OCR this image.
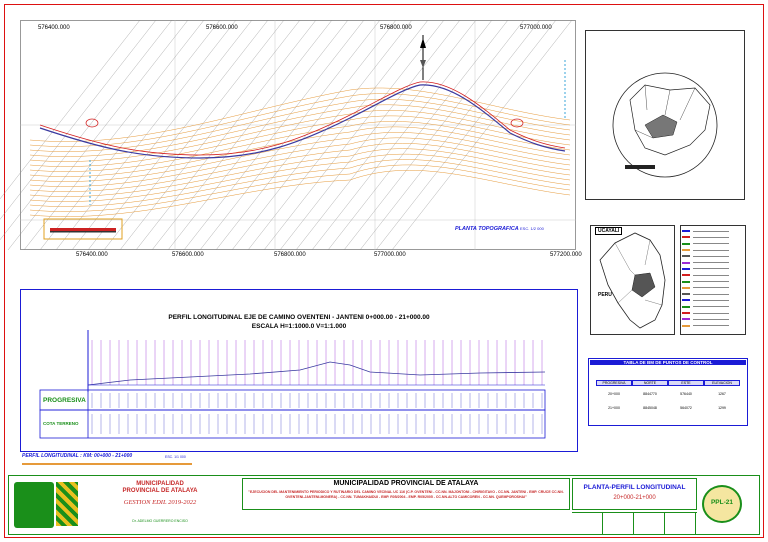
PLANTA TOPOGRAFICA ESC. 1/2 000
576400.000	576600.000	576800.000	577000.000
576400.000	576600.000	576800.000	577000.000	577200.000
UCAYALI
PERU
TABLA DE BM DE PUNTOS DE CONTROL
PROGRESIVA	NORTE	ESTE	ELEVACION
20+000	8844770	576440	1267
21+000	8845048	564072	1299
PERFIL LONGITUDINAL EJE DE CAMINO OVENTENI - JANTENI 0+000.00 - 21+000.00
ESCALA H=1:1000.0 V=1:1.000
PROGRESIVA
COTA TERRENO
PERFIL LONGITUDINAL : KM: 00+000 - 21+000	ESC. 1/1 000
MUNICIPALIDAD
PROVINCIAL DE ATALAYA
GESTION EDIL 2019-2022
Dr. ADELMO GUERRERO ENCISO
MUNICIPALIDAD PROVINCIAL DE ATALAYA
"EJECUCION DEL MANTENIMIENTO PERIODICO Y RUTINARIO DEL CAMINO VECINAL UC 116 (C.P. OVENTENI - CC.NN. MAJONTONI - CHIRIGITAVO - CC.NN. JANTENI - EMP. CRUCE CC.NN. OVENTENI-JANTENI-MONERA) - CC.NN. TUMAKHAIDUI - EMP. R05/2004 - EMP. R05/2005 - CC.NN.ALTO CAMICOREN - CC.NN. QUEMPOROSHAI"
PLANTA-PERFIL LONGITUDINAL
20+000-21+000
PPL-21
